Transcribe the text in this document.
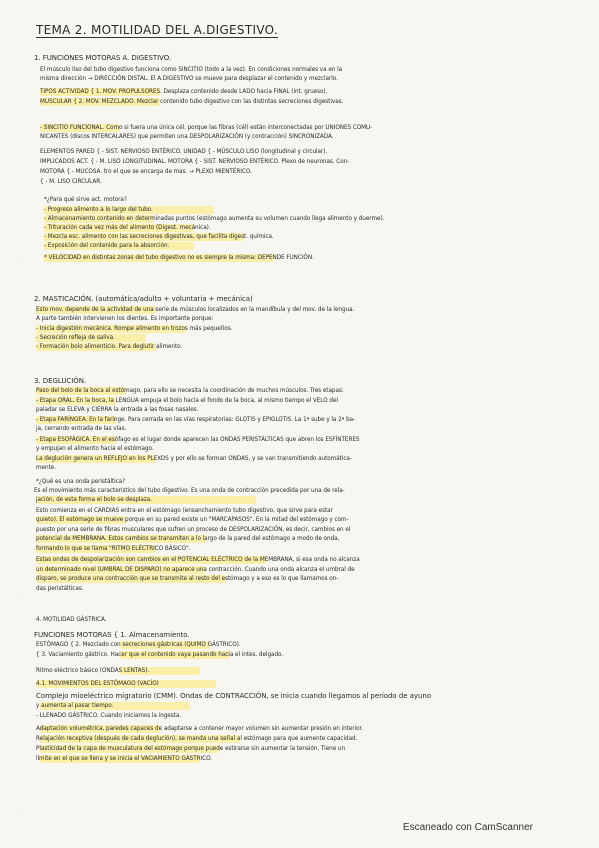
TEMA 2. MOTILIDAD DEL A.DIGESTIVO.
1. FUNCIONES MOTORAS A. DIGESTIVO.
El músculo liso del tubo digestivo funciona como SINCITIO (todo a la vez). En condiciones normales va en la
misma dirección → DIRECCIÓN DISTAL. El A.DIGESTIVO se mueve para desplazar el contenido y mezclarlo.
TIPOS ACTIVIDAD { 1. MOV. PROPULSORES. Desplaza contenido desde LADO hacia FINAL (int. grueso).
MUSCULAR { 2. MOV. MEZCLADO. Mezclar contenido tubo digestivo con las distintas secreciones digestivas.
- SINCITIO FUNCIONAL. Como si fuera una única cél. porque las fibras (cél) están interconectadas por UNIONES COMU-
NICANTES (discos INTERCALARES) que permiten una DESPOLARIZACIÓN (y contracción) SINCRONIZADA.
ELEMENTOS PARED { - SIST. NERVIOSO ENTÉRICO. UNIDAD { - MÚSCULO LISO (longitudinal y circular).
IMPLICADOS ACT. { - M. LISO LONGITUDINAL. MOTORA { - SIST. NERVIOSO ENTÉRICO. Plexo de neuronas. Con-
MOTORA { - MUCOSA. tro el que se encarga de mas. → PLEXO MIENTÉRICO.
{ - M. LISO CIRCULAR.
*¿Para qué sirve act. motora?
- Progreso alimento a lo largo del tubo.
- Almacenamiento contenido en determinadas puntos (estómago aumenta su volumen cuando llega alimento y duerme).
- Trituración cada vez más del alimento (Digest. mecánica).
- Mezcla esc. alimento con las secreciones digestivas, que facilita digest. química.
- Exposición del contenido para la absorción.
* VELOCIDAD en distintas zonas del tubo digestivo no es siempre la misma: DEPENDE FUNCIÓN.
2. MASTICACIÓN. (automática/adulto + voluntaria + mecánica)
Esto mov. depende de la actividad de una serie de músculos localizados en la mandíbula y del mov. de la lengua.
A parte también intervienen los dientes. Es importante porque:
- Inicia digestión mecánica. Rompe alimento en trozos más pequeños.
- Secreción refleja de saliva.
- Formación bolo alimenticio. Para deglutir alimento.
3. DEGLUCIÓN.
Paso del bolo de la boca al estómago, para ello se necesita la coordinación de muchos músculos. Tres etapas:
- Etapa ORAL. En la boca, la LENGUA empuja el bolo hacia el fondo de la boca, al mismo tiempo el VELO del
paladar se ELEVA y CIERRA la entrada a las fosas nasales.
- Etapa FARÍNGEA. En la faringe. Para cerrada en las vías respiratorias: GLOTIS y EPIGLOTIS. La 1ª sube y la 2ª ba-
ja, cerrando entrada de las vías.
- Etapa ESOFÁGICA. En el esófago es el lugar donde aparecen las ONDAS PERISTÁLTICAS que abren los ESFÍNTERES
y empujan el alimento hacia el estómago.
La deglución genera un REFLEJO en los PLEXOS y por ello se forman ONDAS, y se van transmitiendo automática-
mente.
*¿Qué es una onda peristáltica?
Es el movimiento más característico del tubo digestivo. Es una onda de contracción precedida por una de rela-
jación, de esta forma el bolo se desplaza.
Esto comienza en el CARDIAS entra en el estómago (ensanchamiento tubo digestivo, que sirve para estar
quieto). El estómago se mueve porque en su pared existe un "MARCAPASOS". En la mitad del estómago y com-
puesto por una serie de fibras musculares que sufren un proceso de DESPOLARIZACIÓN, es decir, cambios en el
potencial de MEMBRANA. Estos cambios se transmiten a lo largo de la pared del estómago a modo de onda,
formando lo que se llama "RITMO ELÉCTRICO BÁSICO".
Estas ondas de despolarización son cambios en el POTENCIAL ELÉCTRICO de la MEMBRANA, si esa onda no alcanza
un determinado nivel (UMBRAL DE DISPARO) no aparece una contracción. Cuando una onda alcanza el umbral de
disparo, se produce una contracción que se transmite al resto del estómago y a eso es lo que llamamos on-
das peristálticas.
4. MOTILIDAD GÁSTRICA.
FUNCIONES MOTORAS { 1. Almacenamiento.
ESTÓMAGO { 2. Mezclado con secreciones gástricas (QUIMO GÁSTRICO).
{ 3. Vaciamiento gástrico. Hacer que el contenido vaya pasando hacia el intes. delgado.
Ritmo eléctrico básico (ONDAS LENTAS).
4.1. MOVIMIENTOS DEL ESTÓMAGO (VACÍO)
Complejo mioeléctrico migratorio (CMM). Ondas de CONTRACCIÓN, se inicia cuando llegamos al período de ayuno
y aumenta al pasar tiempo.
- LLENADO GÁSTRICO. Cuando iniciamos la ingesta.
Adaptación volumétrica, paredes capaces de adaptarse a contener mayor volumen sin aumentar presión en interior.
Relajación receptiva (después de cada deglución), se manda una señal al estómago para que aumente capacidad.
Plasticidad de la capa de musculatura del estómago porque puede estirarse sin aumentar la tensión. Tiene un
límite en el que se llena y se inicia el VACIAMIENTO GÁSTRICO.
·
·
·
Escaneado con CamScanner
